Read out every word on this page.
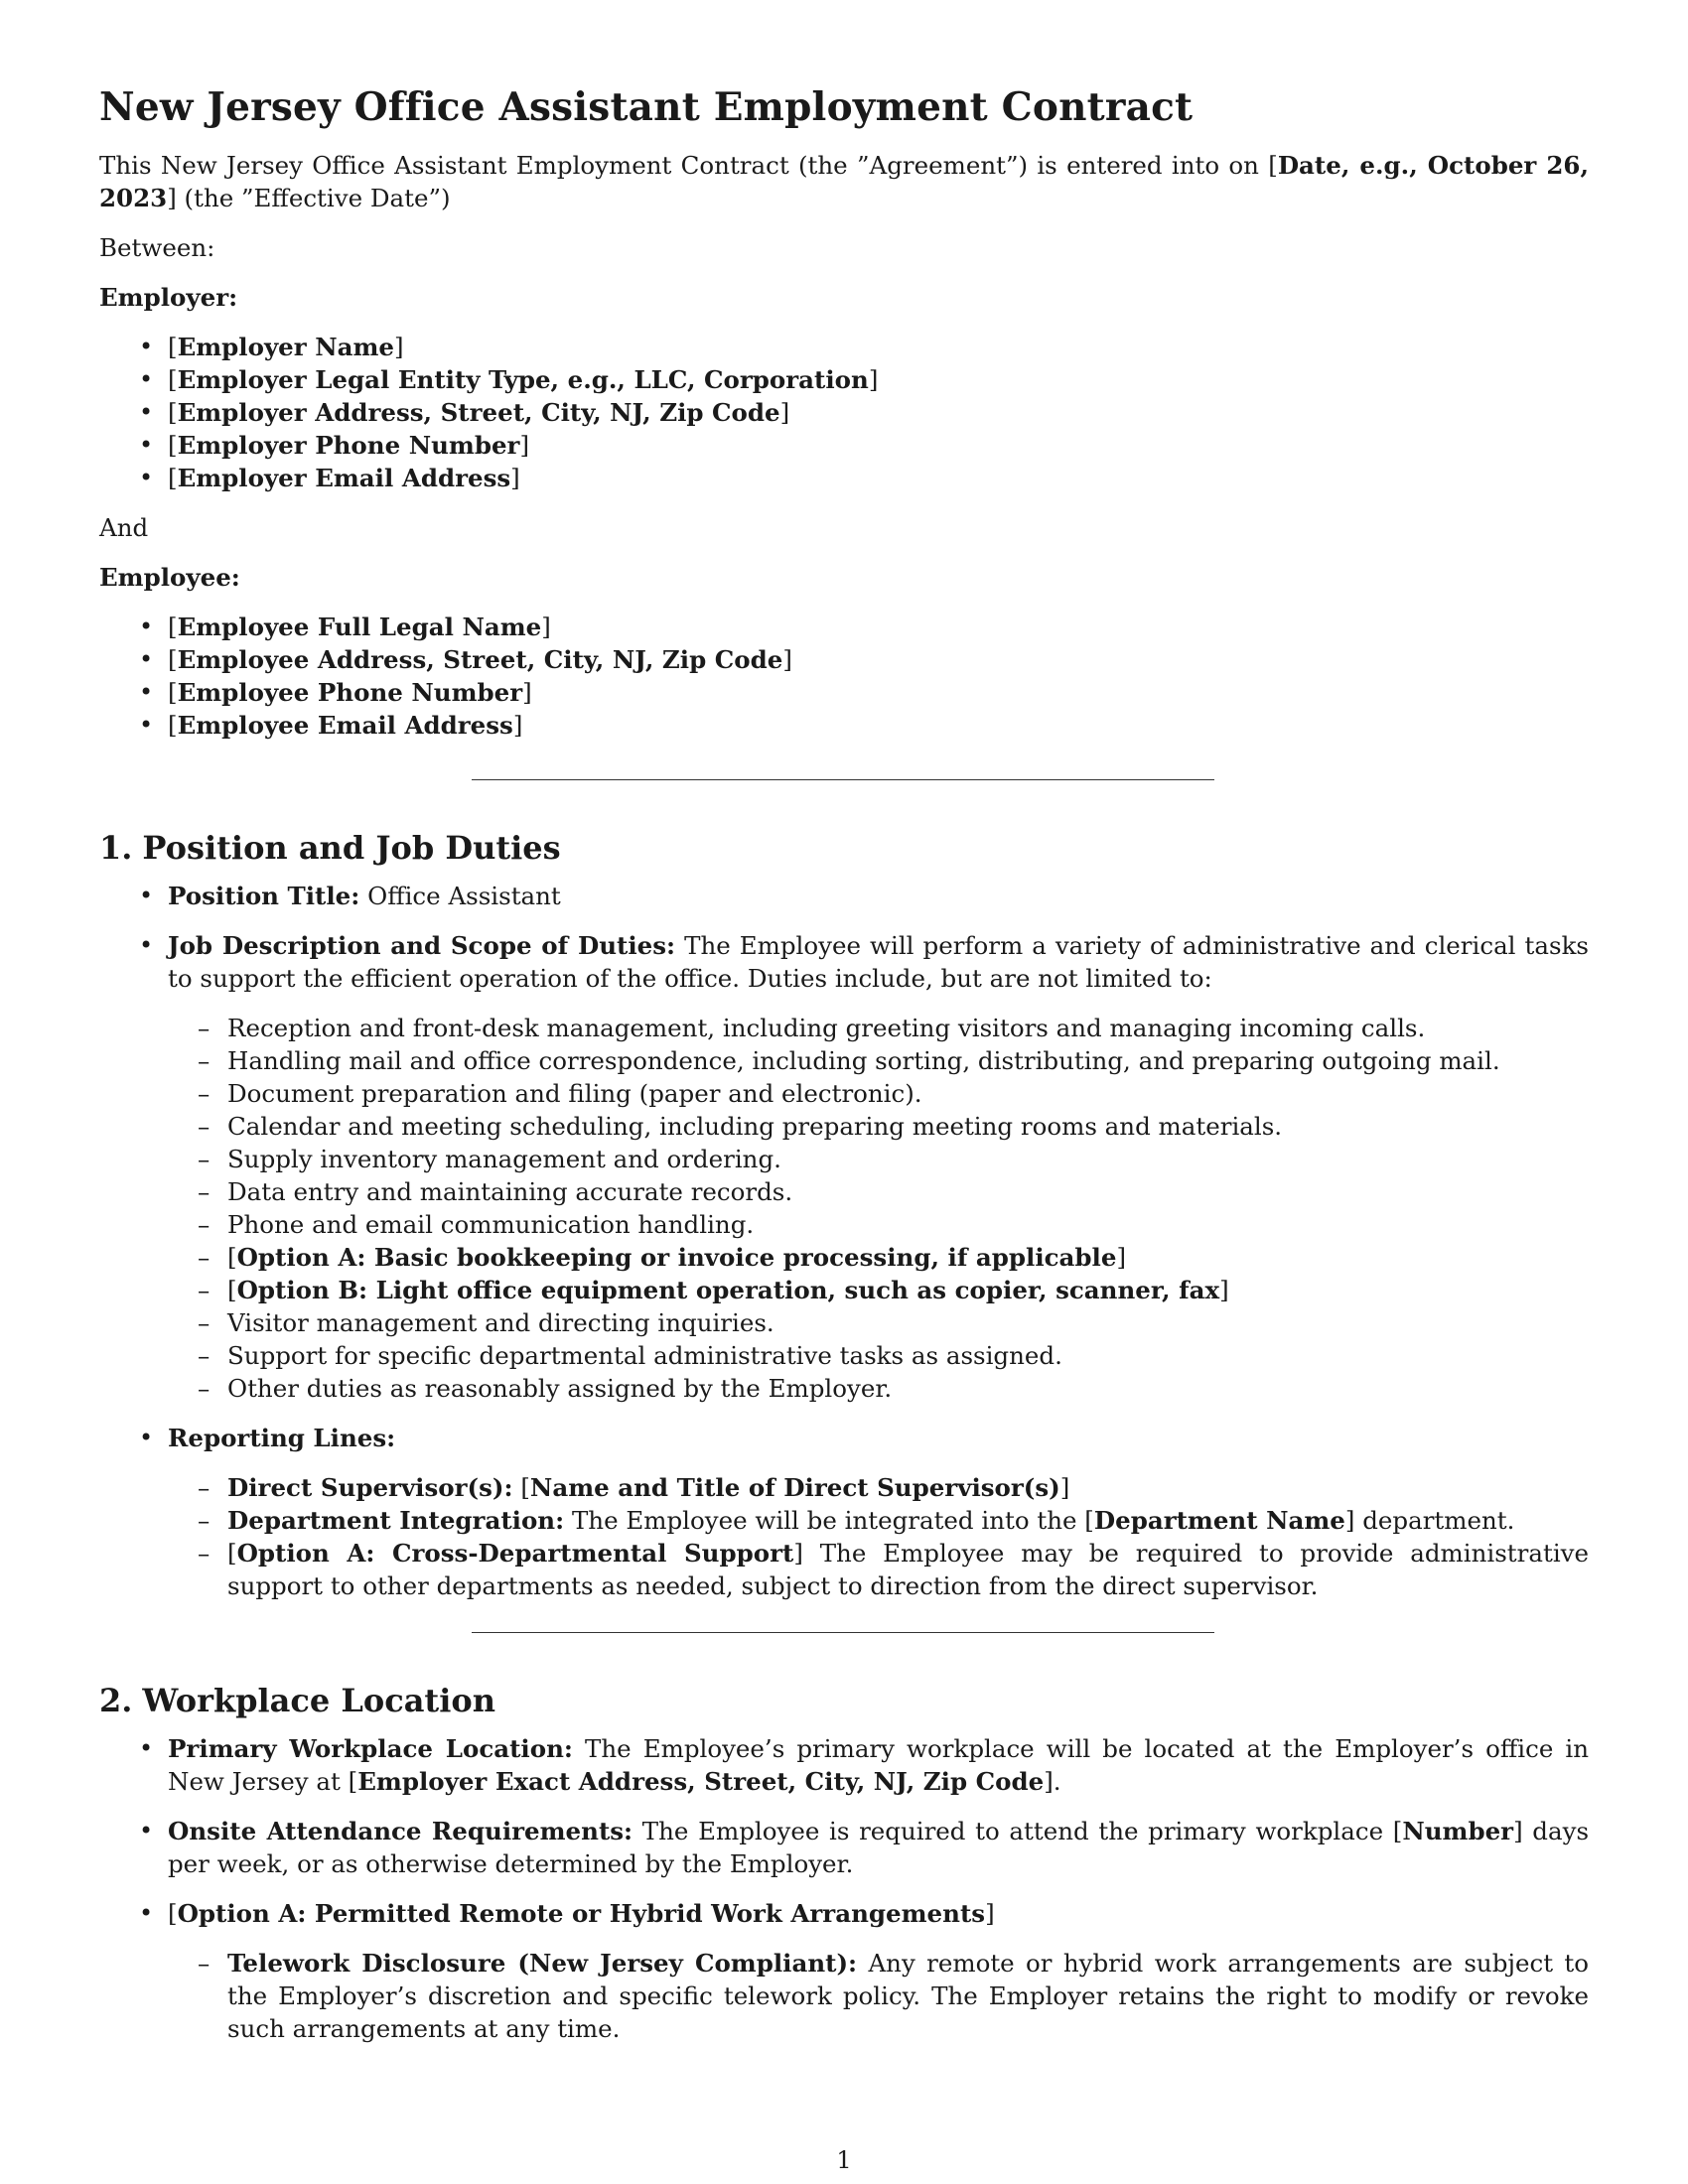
New Jersey Office Assistant Employment Contract

This New Jersey Office Assistant Employment Contract (the ”Agreement”) is entered into on [Date, e.g., October 26, 2023] (the ”Effective Date”)

Between:

Employer:

• [Employer Name]
• [Employer Legal Entity Type, e.g., LLC, Corporation]
• [Employer Address, Street, City, NJ, Zip Code]
• [Employer Phone Number]
• [Employer Email Address]

And

Employee:

• [Employee Full Legal Name]
• [Employee Address, Street, City, NJ, Zip Code]
• [Employee Phone Number]
• [Employee Email Address]
1. Position and Job Duties
• Position Title: Office Assistant
• Job Description and Scope of Duties: The Employee will perform a variety of administrative and clerical tasks to support the efficient operation of the office. Duties include, but are not limited to:
– Reception and front-desk management, including greeting visitors and managing incoming calls.
– Handling mail and office correspondence, including sorting, distributing, and preparing outgoing mail.
– Document preparation and filing (paper and electronic).
– Calendar and meeting scheduling, including preparing meeting rooms and materials.
– Supply inventory management and ordering.
– Data entry and maintaining accurate records.
– Phone and email communication handling.
– [Option A: Basic bookkeeping or invoice processing, if applicable]
– [Option B: Light office equipment operation, such as copier, scanner, fax]
– Visitor management and directing inquiries.
– Support for specific departmental administrative tasks as assigned.
– Other duties as reasonably assigned by the Employer.
• Reporting Lines:
– Direct Supervisor(s): [Name and Title of Direct Supervisor(s)]
– Department Integration: The Employee will be integrated into the [Department Name] department.
– [Option A: Cross-Departmental Support] The Employee may be required to provide administrative support to other departments as needed, subject to direction from the direct supervisor.
2. Workplace Location
• Primary Workplace Location: The Employee’s primary workplace will be located at the Employer’s office in New Jersey at [Employer Exact Address, Street, City, NJ, Zip Code].
• Onsite Attendance Requirements: The Employee is required to attend the primary workplace [Number] days per week, or as otherwise determined by the Employer.
• [Option A: Permitted Remote or Hybrid Work Arrangements]
– Telework Disclosure (New Jersey Compliant): Any remote or hybrid work arrangements are subject to the Employer’s discretion and specific telework policy. The Employer retains the right to modify or revoke such arrangements at any time.
1
